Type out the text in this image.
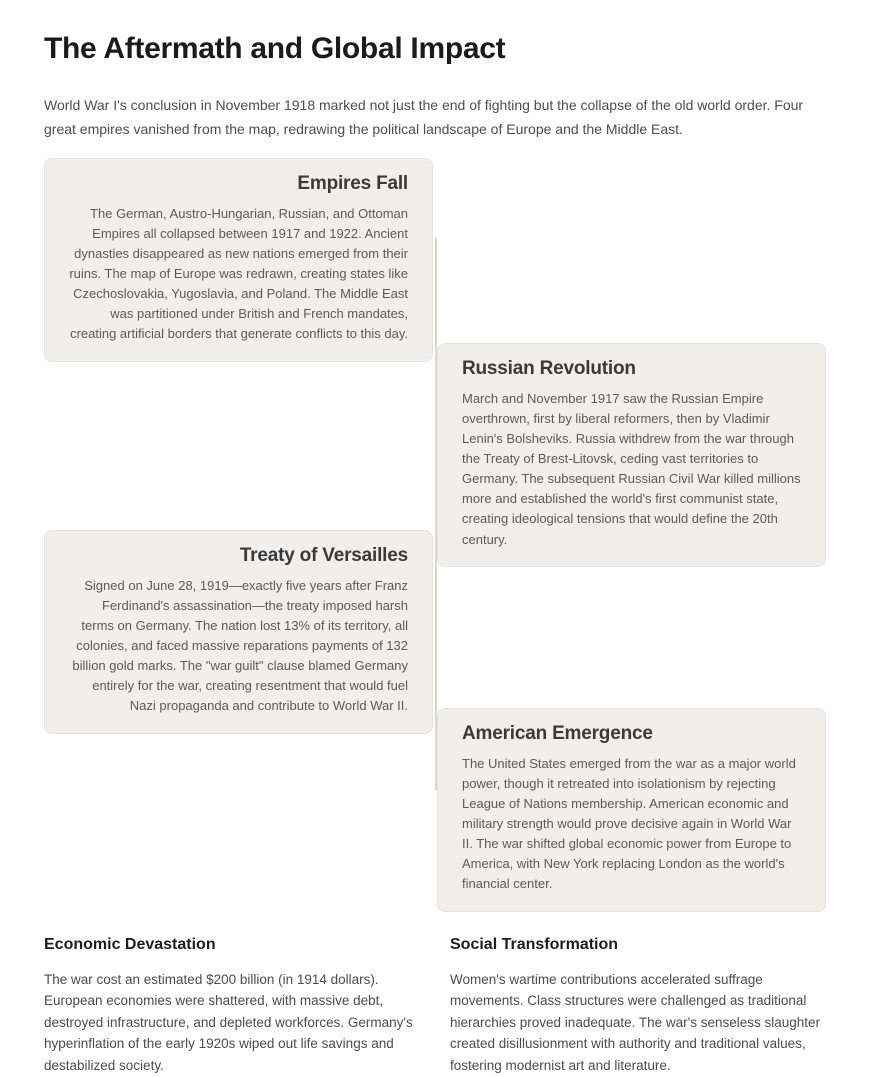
The Aftermath and Global Impact

World War I's conclusion in November 1918 marked not just the end of fighting but the collapse of the old world order. Four great empires vanished from the map, redrawing the political landscape of Europe and the Middle East.

Empires Fall

The German, Austro-Hungarian, Russian, and Ottoman Empires all collapsed between 1917 and 1922. Ancient dynasties disappeared as new nations emerged from their ruins. The map of Europe was redrawn, creating states like Czechoslovakia, Yugoslavia, and Poland. The Middle East was partitioned under British and French mandates, creating artificial borders that generate conflicts to this day.

Russian Revolution

March and November 1917 saw the Russian Empire overthrown, first by liberal reformers, then by Vladimir Lenin's Bolsheviks. Russia withdrew from the war through the Treaty of Brest-Litovsk, ceding vast territories to Germany. The subsequent Russian Civil War killed millions more and established the world's first communist state, creating ideological tensions that would define the 20th century.

Treaty of Versailles

Signed on June 28, 1919—exactly five years after Franz Ferdinand's assassination—the treaty imposed harsh terms on Germany. The nation lost 13% of its territory, all colonies, and faced massive reparations payments of 132 billion gold marks. The "war guilt" clause blamed Germany entirely for the war, creating resentment that would fuel Nazi propaganda and contribute to World War II.

American Emergence

The United States emerged from the war as a major world power, though it retreated into isolationism by rejecting League of Nations membership. American economic and military strength would prove decisive again in World War II. The war shifted global economic power from Europe to America, with New York replacing London as the world's financial center.

Economic Devastation

The war cost an estimated $200 billion (in 1914 dollars). European economies were shattered, with massive debt, destroyed infrastructure, and depleted workforces. Germany's hyperinflation of the early 1920s wiped out life savings and destabilized society.

Social Transformation

Women's wartime contributions accelerated suffrage movements. Class structures were challenged as traditional hierarchies proved inadequate. The war's senseless slaughter created disillusionment with authority and traditional values, fostering modernist art and literature.
